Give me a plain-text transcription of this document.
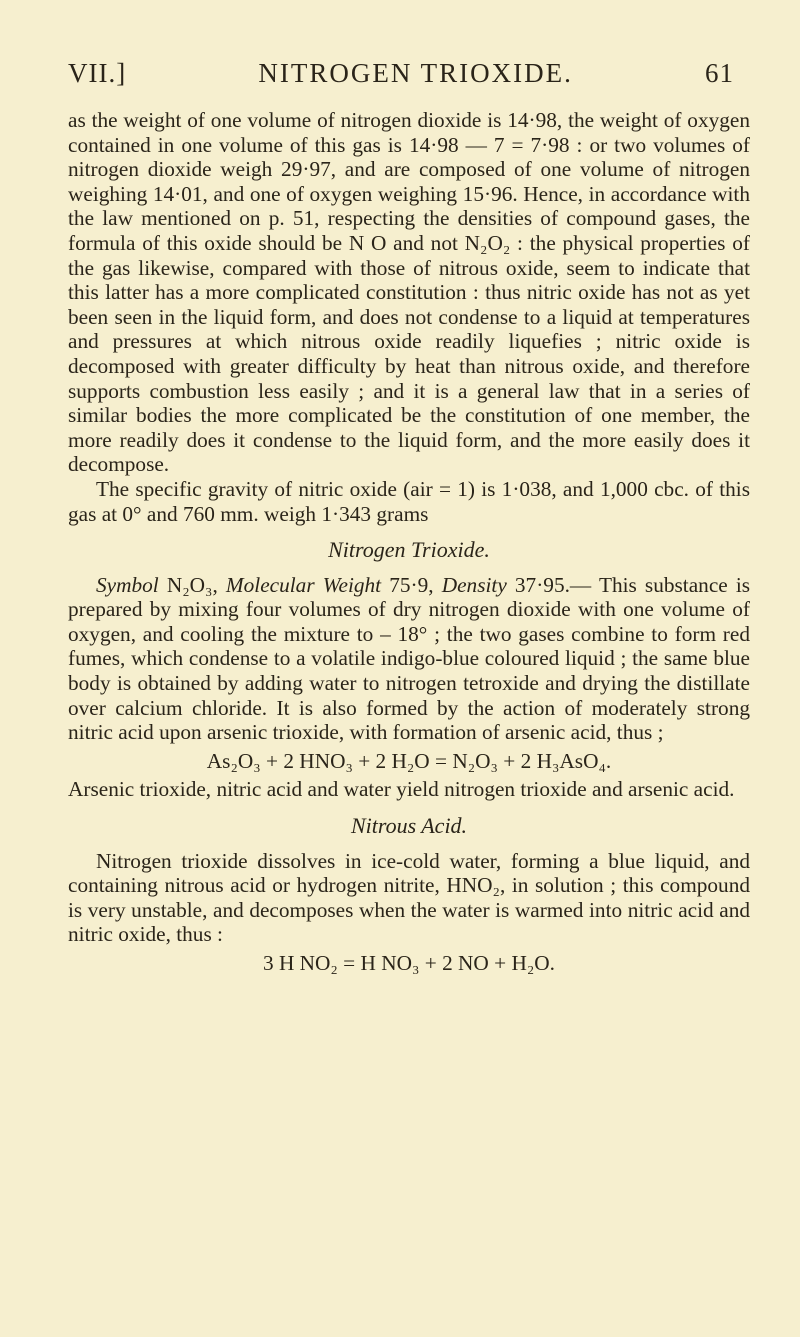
VII.]	NITROGEN TRIOXIDE.	61

as the weight of one volume of nitrogen dioxide is 14·98, the weight of oxygen contained in one volume of this gas is 14·98 — 7 = 7·98 : or two volumes of nitrogen dioxide weigh 29·97, and are composed of one volume of nitrogen weighing 14·01, and one of oxygen weighing 15·96. Hence, in accordance with the law mentioned on p. 51, respecting the densities of compound gases, the formula of this oxide should be N O and not N₂O₂ : the physical properties of the gas likewise, compared with those of nitrous oxide, seem to indicate that this latter has a more complicated constitution : thus nitric oxide has not as yet been seen in the liquid form, and does not condense to a liquid at temperatures and pressures at which nitrous oxide readily liquefies ; nitric oxide is decomposed with greater difficulty by heat than nitrous oxide, and therefore supports combustion less easily ; and it is a general law that in a series of similar bodies the more complicated be the constitution of one member, the more readily does it condense to the liquid form, and the more easily does it decompose.

The specific gravity of nitric oxide (air = 1) is 1·038, and 1,000 cbc. of this gas at 0° and 760 mm. weigh 1·343 grams

Nitrogen Trioxide.

Symbol N₂O₃, Molecular Weight 75·9, Density 37·95.— This substance is prepared by mixing four volumes of dry nitrogen dioxide with one volume of oxygen, and cooling the mixture to – 18° ; the two gases combine to form red fumes, which condense to a volatile indigo-blue coloured liquid ; the same blue body is obtained by adding water to nitrogen tetroxide and drying the distillate over calcium chloride. It is also formed by the action of moderately strong nitric acid upon arsenic trioxide, with formation of arsenic acid, thus ;

As₂O₃ + 2 HNO₃ + 2 H₂O = N₂O₃ + 2 H₃AsO₄.

Arsenic trioxide, nitric acid and water yield nitrogen trioxide and arsenic acid.

Nitrous Acid.

Nitrogen trioxide dissolves in ice-cold water, forming a blue liquid, and containing nitrous acid or hydrogen nitrite, HNO₂, in solution ; this compound is very unstable, and decomposes when the water is warmed into nitric acid and nitric oxide, thus :

3 H NO₂ = H NO₃ + 2 NO + H₂O.
